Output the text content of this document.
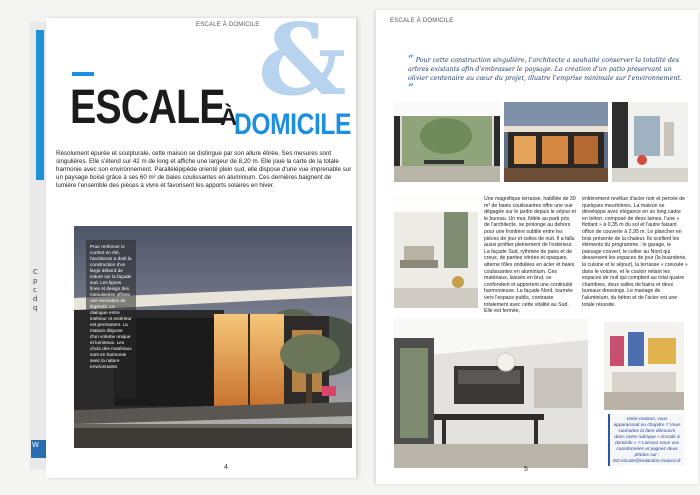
C
p
c
d
q
W
ESCALE À DOMICILE
&
ESCALE
À
DOMICILE

Résolument épurée et sculpturale, cette maison se distingue par son allure étirée. Ses mesures sont singulières. Elle s'étend sur 42 m de long et affiche une largeur de 8,20 m. Elle joue la carte de la totale harmonie avec son environnement. Parallélépipède orienté plein sud, elle dispose d'une vue imprenable sur un paysage boisé grâce à ses 60 m² de baies coulissantes en aluminium. Ces dernières baignent de lumière l'ensemble des pièces à vivre et favorisent les apports solaires en hiver.

Pour renforcer le confort en été, l'architecte a doté la construction d'un large débord de toiture sur la façade sud. Les lignes fines et design des menuiseries offrent une sensation de légèreté. Le dialogue entre intérieur et extérieur est permanent. La maison dispose d'un volume unique et lumineux. Les choix des matériaux sont en harmonie avec la nature environnante.
4
ESCALE À DOMICILE
“ Pour cette construction singulière, l'architecte a souhaité conserver la totalité des arbres existants afin d'embrasser le paysage. La création d'un patio préservant un olivier centenaire au cœur du projet, illustre l'emprise minimale sur l'environnement. ”

Une magnifique terrasse, habillée de 30 m² de baies coulissantes offre une vue dégagée sur le jardin depuis le séjour et le bureau. Un mur, fidèle au parti pris de l'architecte, se prolonge au dehors pour une frontière subtile entre les pièces de jour et celles de nuit. Il a fallu aussi profiter pleinement de l'extérieur. La façade Sud, rythmée de pans et de creux, de parties vitrées et opaques, alterne tôles ondulées en acier et baies coulissantes en aluminium. Ces matériaux, laissés en brut, se confondent et apportent une continuité harmonieuse. La façade Nord, tournée vers l'espace public, contraste totalement avec cette vitalité au Sud. Elle est fermée,

entièrement revêtue d'acier noir et percée de quelques meurtrières. La maison se développe avec élégance en un long cadre en béton, composé de deux lames, l'une « flottant » à 0,35 m du sol et l'autre faisant office de couverte à 2,95 m. Le plancher en bois présente de la chaleur. Ils scellent les éléments du programme : le garage, le passage couvert, le cellier au Nord qui desservent les espaces de jour (la buanderie, la cuisine et le séjour), la terrasse « creusée » dans le volume, et le couloir reliant les espaces de nuit qui comptent au total quatre chambres, deux salles de bains et deux bureaux dressings. Le mariage de l'aluminium, du béton et de l'acier est une totale réussite.

Votre maison, vous apparaissait au chapitre ? Vous souhaitez la faire découvrir dans notre rubrique « Escale à domicile » ? Laissez-nous vos coordonnées et joignez deux photos sur : ED.escale@redaction-maison.fr
5
